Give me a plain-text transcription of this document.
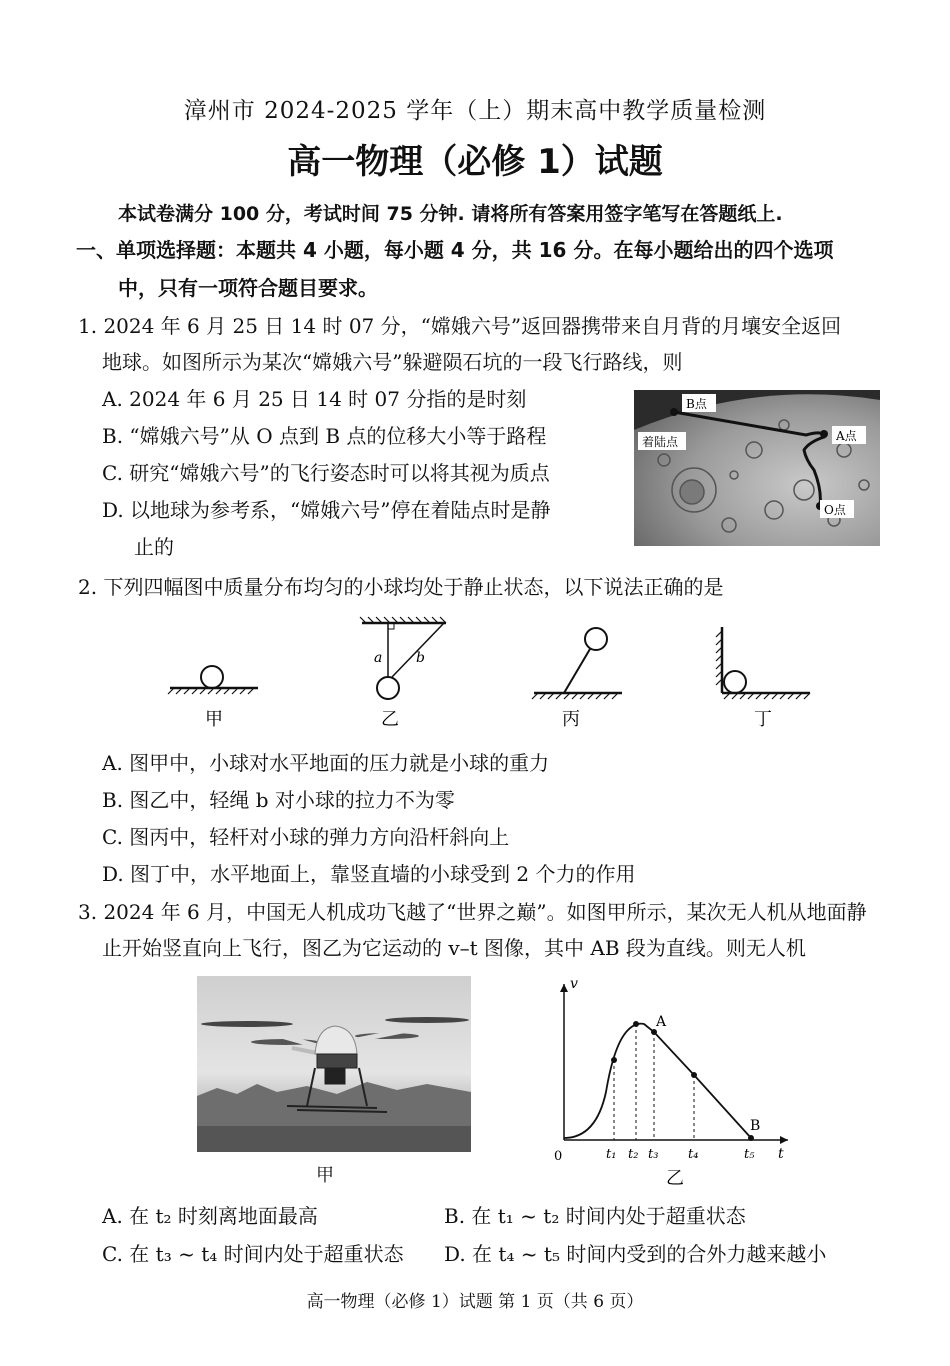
漳州市 2024-2025 学年（上）期末高中教学质量检测
高一物理（必修 1）试题
本试卷满分 100 分，考试时间 75 分钟. 请将所有答案用签字笔写在答题纸上.
一、单项选择题：本题共 4 小题，每小题 4 分，共 16 分。在每小题给出的四个选项
中，只有一项符合题目要求。
1. 2024 年 6 月 25 日 14 时 07 分，“嫦娥六号”返回器携带来自月背的月壤安全返回
地球。如图所示为某次“嫦娥六号”躲避陨石坑的一段飞行路线，则
A. 2024 年 6 月 25 日 14 时 07 分指的是时刻
B. “嫦娥六号”从 O 点到 B 点的位移大小等于路程
C. 研究“嫦娥六号”的飞行姿态时可以将其视为质点
D. 以地球为参考系，“嫦娥六号”停在着陆点时是静
止的
B点
A点
着陆点
O点
2. 下列四幅图中质量分布均匀的小球均处于静止状态，以下说法正确的是
甲
a b
乙	丙	丁
A. 图甲中，小球对水平地面的压力就是小球的重力
B. 图乙中，轻绳 b 对小球的拉力不为零
C. 图丙中，轻杆对小球的弹力方向沿杆斜向上
D. 图丁中，水平地面上，靠竖直墙的小球受到 2 个力的作用
3. 2024 年 6 月，中国无人机成功飞越了“世界之巅”。如图甲所示，某次无人机从地面静
止开始竖直向上飞行，图乙为它运动的 v–t 图像，其中 AB 段为直线。则无人机
甲
v
t
0
A
B
t₁ t₂ t₃ t₄	t₅
乙
A. 在 t₂ 时刻离地面最高	B. 在 t₁ ~ t₂ 时间内处于超重状态
C. 在 t₃ ~ t₄ 时间内处于超重状态 D. 在 t₄ ~ t₅ 时间内受到的合外力越来越小
高一物理（必修 1）试题 第 1 页（共 6 页）
